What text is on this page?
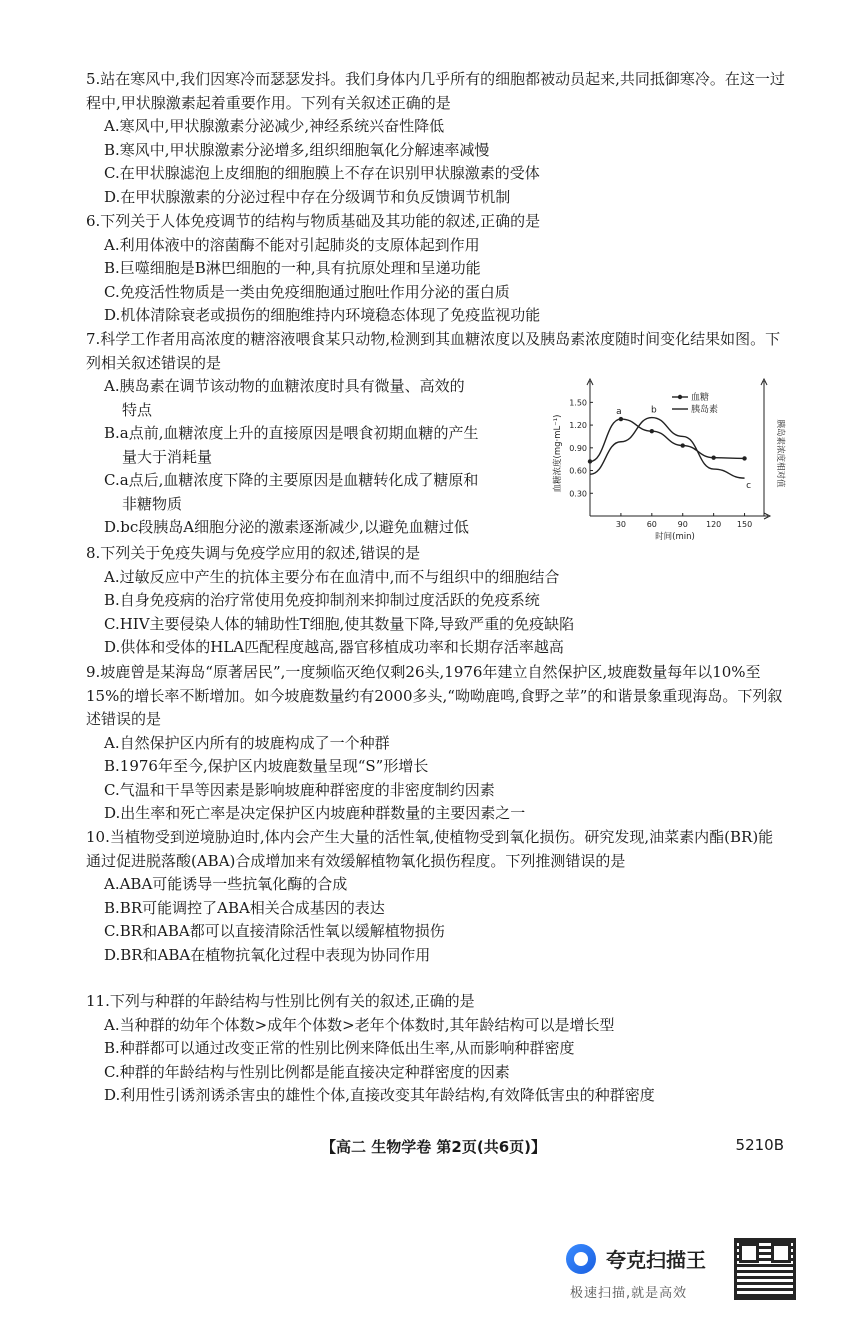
5.站在寒风中,我们因寒冷而瑟瑟发抖。我们身体内几乎所有的细胞都被动员起来,共同抵御寒冷。在这一过程中,甲状腺激素起着重要作用。下列有关叙述正确的是
A.寒风中,甲状腺激素分泌减少,神经系统兴奋性降低
B.寒风中,甲状腺激素分泌增多,组织细胞氧化分解速率减慢
C.在甲状腺滤泡上皮细胞的细胞膜上不存在识别甲状腺激素的受体
D.在甲状腺激素的分泌过程中存在分级调节和负反馈调节机制
6.下列关于人体免疫调节的结构与物质基础及其功能的叙述,正确的是
A.利用体液中的溶菌酶不能对引起肺炎的支原体起到作用
B.巨噬细胞是B淋巴细胞的一种,具有抗原处理和呈递功能
C.免疫活性物质是一类由免疫细胞通过胞吐作用分泌的蛋白质
D.机体清除衰老或损伤的细胞维持内环境稳态体现了免疫监视功能
7.科学工作者用高浓度的糖溶液喂食某只动物,检测到其血糖浓度以及胰岛素浓度随时间变化结果如图。下列相关叙述错误的是
A.胰岛素在调节该动物的血糖浓度时具有微量、高效的
特点
B.a点前,血糖浓度上升的直接原因是喂食初期血糖的产生
量大于消耗量
C.a点后,血糖浓度下降的主要原因是血糖转化成了糖原和
非糖物质
D.bc段胰岛A细胞分泌的激素逐渐减少,以避免血糖过低
0.30
0.60
0.90
1.20
1.50
30	60	90 120 150
时间(min)
血糖浓度(mg·mL⁻¹)	胰岛素浓度相对值
a	b
c
血糖
胰岛素
8.下列关于免疫失调与免疫学应用的叙述,错误的是
A.过敏反应中产生的抗体主要分布在血清中,而不与组织中的细胞结合
B.自身免疫病的治疗常使用免疫抑制剂来抑制过度活跃的免疫系统
C.HIV主要侵染人体的辅助性T细胞,使其数量下降,导致严重的免疫缺陷
D.供体和受体的HLA匹配程度越高,器官移植成功率和长期存活率越高
9.坡鹿曾是某海岛“原著居民”,一度频临灭绝仅剩26头,1976年建立自然保护区,坡鹿数量每年以10%至15%的增长率不断增加。如今坡鹿数量约有2000多头,“呦呦鹿鸣,食野之苹”的和谐景象重现海岛。下列叙述错误的是
A.自然保护区内所有的坡鹿构成了一个种群
B.1976年至今,保护区内坡鹿数量呈现“S”形增长
C.气温和干旱等因素是影响坡鹿种群密度的非密度制约因素
D.出生率和死亡率是决定保护区内坡鹿种群数量的主要因素之一
10.当植物受到逆境胁迫时,体内会产生大量的活性氧,使植物受到氧化损伤。研究发现,油菜素内酯(BR)能通过促进脱落酸(ABA)合成增加来有效缓解植物氧化损伤程度。下列推测错误的是
A.ABA可能诱导一些抗氧化酶的合成
B.BR可能调控了ABA相关合成基因的表达
C.BR和ABA都可以直接清除活性氧以缓解植物损伤
D.BR和ABA在植物抗氧化过程中表现为协同作用
11.下列与种群的年龄结构与性别比例有关的叙述,正确的是
A.当种群的幼年个体数>成年个体数>老年个体数时,其年龄结构可以是增长型
B.种群都可以通过改变正常的性别比例来降低出生率,从而影响种群密度
C.种群的年龄结构与性别比例都是能直接决定种群密度的因素
D.利用性引诱剂诱杀害虫的雄性个体,直接改变其年龄结构,有效降低害虫的种群密度
【高二 生物学卷 第2页(共6页)】	5210B
夸克扫描王
极速扫描,就是高效
